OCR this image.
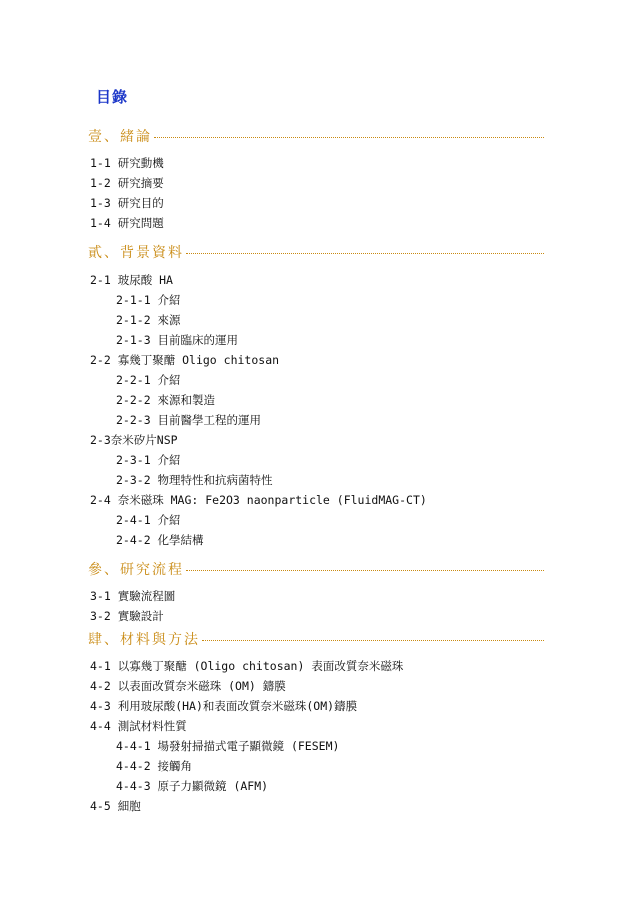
目錄
壹、緒論
1-1 研究動機
1-2 研究摘要
1-3 研究目的
1-4 研究問題
貳、背景資料
2-1 玻尿酸 HA
2-1-1 介紹
2-1-2 來源
2-1-3 目前臨床的運用
2-2 寡幾丁聚醣 Oligo chitosan
2-2-1 介紹
2-2-2 來源和製造
2-2-3 目前醫學工程的運用
2-3奈米矽片NSP
2-3-1 介紹
2-3-2 物理特性和抗病菌特性
2-4 奈米磁珠 MAG: Fe2O3 naonparticle (FluidMAG-CT)
2-4-1 介紹
2-4-2 化學結構
參、研究流程
3-1 實驗流程圖
3-2 實驗設計
肆、材料與方法
4-1 以寡幾丁聚醣 (Oligo chitosan) 表面改質奈米磁珠
4-2 以表面改質奈米磁珠 (OM) 鑄膜
4-3 利用玻尿酸(HA)和表面改質奈米磁珠(OM)鑄膜
4-4 測試材料性質
4-4-1 場發射掃描式電子顯微鏡 (FESEM)
4-4-2 接觸角
4-4-3 原子力顯微鏡 (AFM)
4-5 細胞
